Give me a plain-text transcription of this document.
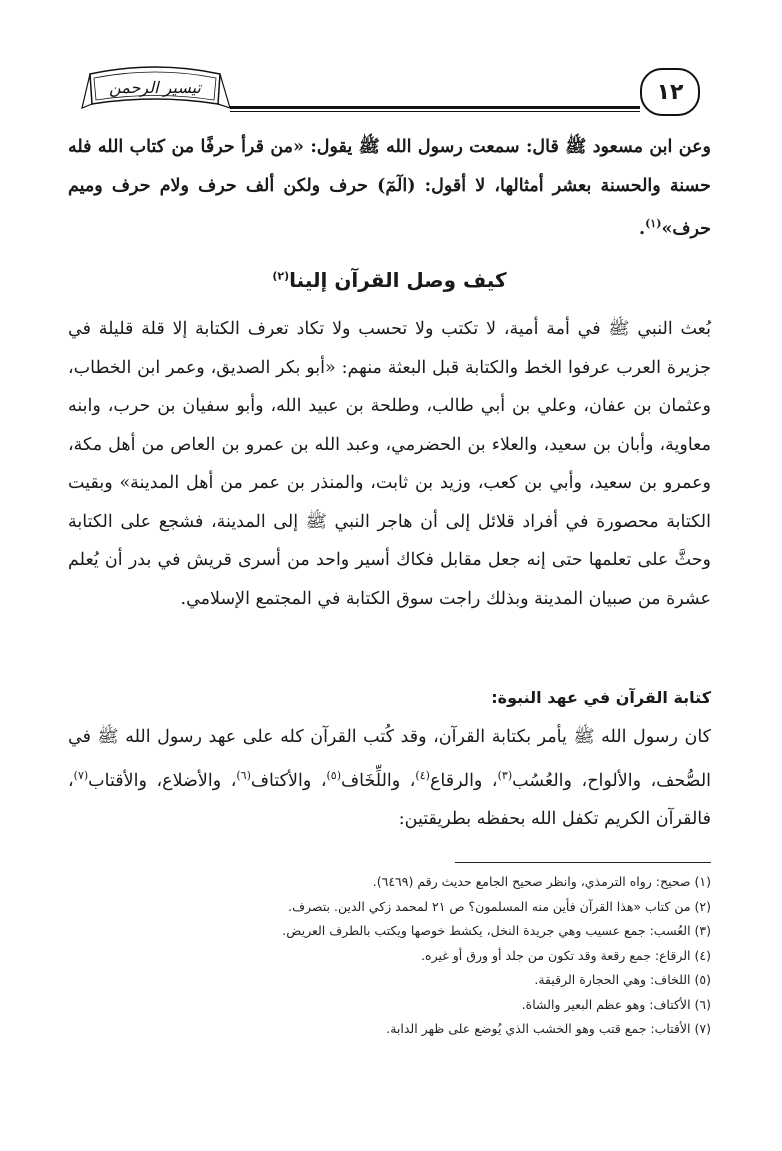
تيسير الرحمن	١٢
وعن ابن مسعود ﷺ قال: سمعت رسول الله ﷺ يقول: «من قرأ حرفًا من كتاب الله فله حسنة والحسنة بعشر أمثالها، لا أقول: (الٓمٓ) حرف ولكن ألف حرف ولام حرف وميم حرف»$^{(١)}$.
كيف وصل القرآن إلينا$^{(٢)}$
بُعث النبي ﷺ في أمة أمية، لا تكتب ولا تحسب ولا تكاد تعرف الكتابة إلا قلة قليلة في جزيرة العرب عرفوا الخط والكتابة قبل البعثة منهم: «أبو بكر الصديق، وعمر ابن الخطاب، وعثمان بن عفان، وعلي بن أبي طالب، وطلحة بن عبيد الله، وأبو سفيان بن حرب، وابنه معاوية، وأبان بن سعيد، والعلاء بن الحضرمي، وعبد الله بن عمرو بن العاص من أهل مكة، وعمرو بن سعيد، وأبي بن كعب، وزيد بن ثابت، والمنذر بن عمر من أهل المدينة» وبقيت الكتابة محصورة في أفراد قلائل إلى أن هاجر النبي ﷺ إلى المدينة، فشجع على الكتابة وحثَّ على تعلمها حتى إنه جعل مقابل فكاك أسير واحد من أسرى قريش في بدر أن يُعلم عشرة من صبيان المدينة وبذلك راجت سوق الكتابة في المجتمع الإسلامي.
كتابة القرآن في عهد النبوة:
كان رسول الله ﷺ يأمر بكتابة القرآن، وقد كُتب القرآن كله على عهد رسول الله ﷺ في الصُّحف، والألواح، والعُسُب$^{(٣)}$، والرقاع$^{(٤)}$، واللِّخَاف$^{(٥)}$، والأكتاف$^{(٦)}$، والأضلاع، والأقتاب$^{(٧)}$، فالقرآن الكريم تكفل الله بحفظه بطريقتين:
(١) صحيح: رواه الترمذي، وانظر صحيح الجامع حديث رقم (٦٤٦٩).
(٢) من كتاب «هذا القرآن فأين منه المسلمون؟ ص ٢١ لمحمد زكي الدين. بتصرف.
(٣) العُسب: جمع عسيب وهي جريدة النخل، يكشط خوصها ويكتب بالطرف العريض.
(٤) الرقاع: جمع رقعة وقد تكون من جلد أو ورق أو غيره.
(٥) اللخاف: وهي الحجارة الرقيقة.
(٦) الأكتاف: وهو عظم البعير والشاة.
(٧) الأقتاب: جمع قتب وهو الخشب الذي يُوضع على ظهر الدابة.
